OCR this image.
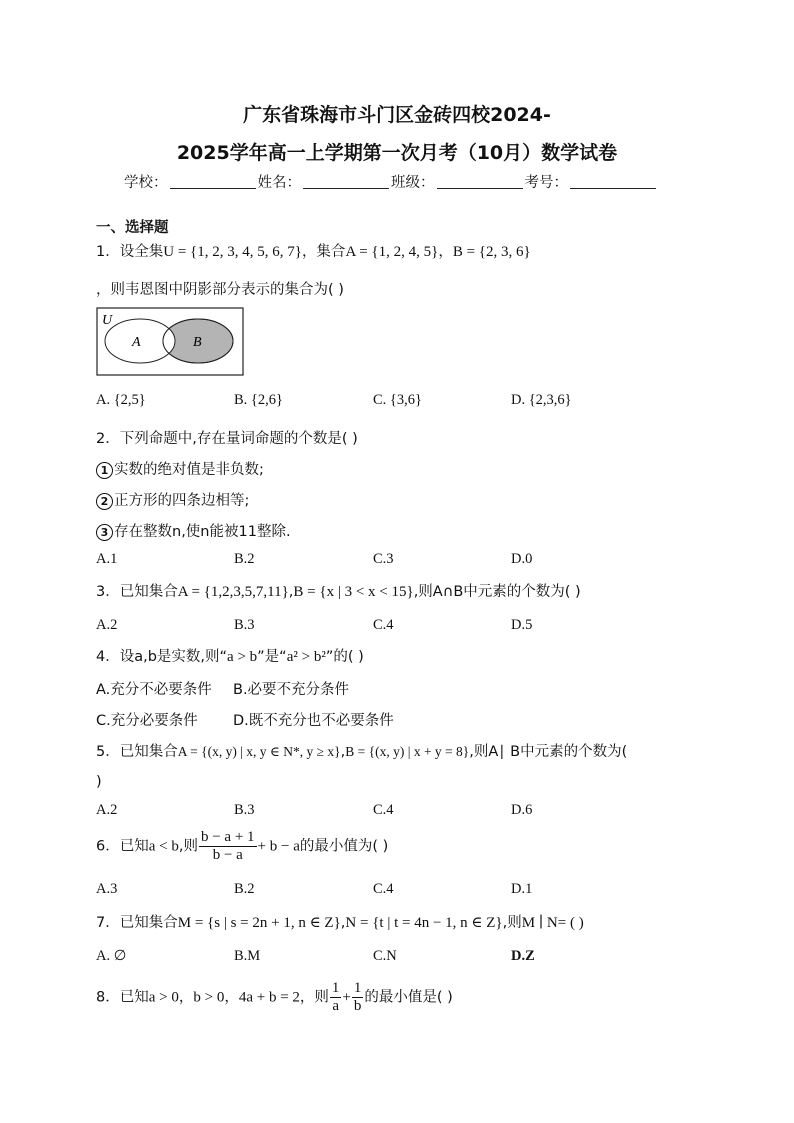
广东省珠海市斗门区金砖四校2024-
2025学年高一上学期第一次月考（10月）数学试卷
学校：	姓名：	班级：	考号：
一、选择题
1．设全集U = {1, 2, 3, 4, 5, 6, 7}，集合A = {1, 2, 4, 5}，B = {2, 3, 6}
，则韦恩图中阴影部分表示的集合为( )
U
A	B
A. {2,5}	B. {2,6}	C. {3,6}	D. {2,3,6}
2．下列命题中,存在量词命题的个数是( )
1 实数的绝对值是非负数;
2 正方形的四条边相等;
3 存在整数n,使n能被11整除.
A.1	B.2	C.3	D.0
3．已知集合A = {1,2,3,5,7,11},B = {x | 3 < x < 15},则A∩B中元素的个数为( )
A.2	B.3	C.4	D.5
4．设a,b是实数,则“a > b”是“a² > b²”的( )
A.充分不必要条件 B.必要不充分条件
C.充分必要条件 D.既不充分也不必要条件
5．已知集合A = {(x, y) | x, y ∈ N*, y ≥ x},B = {(x, y) | x + y = 8},则A∣ B中元素的个数为(
)
A.2	B.3	C.4	D.6
6．已知a < b,则 $\frac{b - a + 1}{b - a} + b - a$的最小值为( )
A.3	B.2	C.4	D.1
7．已知集合M = {s | s = 2n + 1, n ∈ Z},N = {t | t = 4n − 1, n ∈ Z},则M ∣ N= ( )
A. ∅	B.M	C.N	D.Z
8．已知a > 0，b > 0，4a + b = 2，则 $\frac{1}{a} + \frac{1}{b}$ 的最小值是( )
